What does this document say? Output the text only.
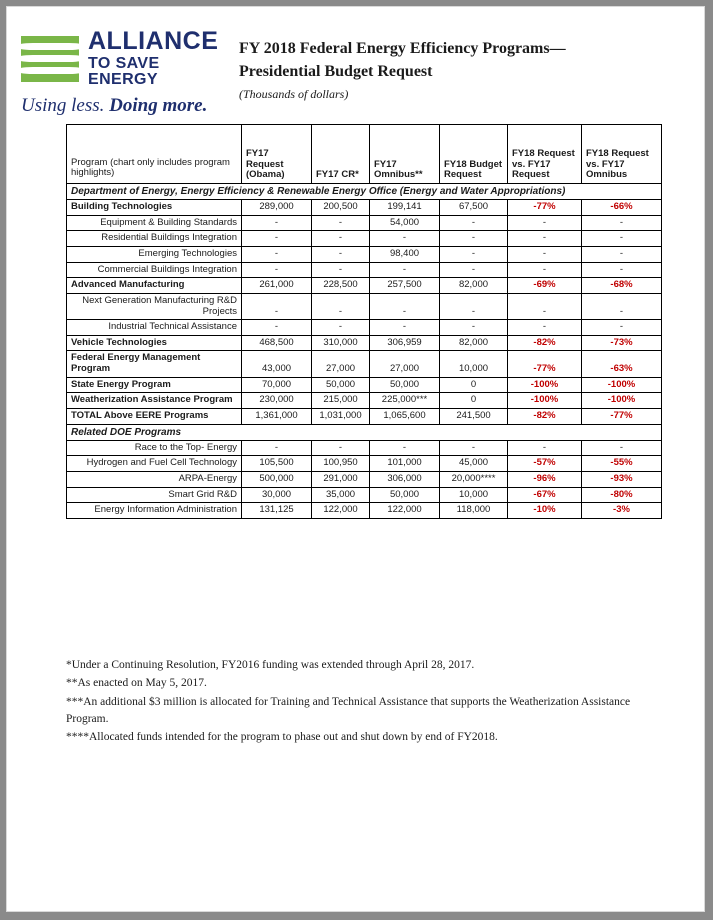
ALLIANCE
TO SAVE ENERGY
Using less. Doing more.
FY 2018 Federal Energy Efficiency Programs—
Presidential Budget Request
(Thousands of dollars)
Program (chart only includes program highlights)	FY17 Request (Obama)	FY17 CR*	FY17 Omnibus**	FY18 Budget Request	FY18 Request vs. FY17 Request	FY18 Request vs. FY17 Omnibus
Department of Energy, Energy Efficiency & Renewable Energy Office (Energy and Water Appropriations)						
Building Technologies	289,000	200,500	199,141	67,500	-77%	-66%
Equipment & Building Standards	-	-	54,000	-	-	-
Residential Buildings Integration	-	-	-	-	-	-
Emerging Technologies	-	-	98,400	-	-	-
Commercial Buildings Integration	-	-	-	-	-	-
Advanced Manufacturing	261,000	228,500	257,500	82,000	-69%	-68%
Next Generation Manufacturing R&D Projects	-	-	-	-	-	-
Industrial Technical Assistance	-	-	-	-	-	-
Vehicle Technologies	468,500	310,000	306,959	82,000	-82%	-73%
Federal Energy Management Program	43,000	27,000	27,000	10,000	-77%	-63%
State Energy Program	70,000	50,000	50,000	0	-100%	-100%
Weatherization Assistance Program	230,000	215,000	225,000***	0	-100%	-100%
TOTAL Above EERE Programs	1,361,000	1,031,000	1,065,600	241,500	-82%	-77%
Related DOE Programs						
Race to the Top- Energy	-	-	-	-	-	-
Hydrogen and Fuel Cell Technology	105,500	100,950	101,000	45,000	-57%	-55%
ARPA-Energy	500,000	291,000	306,000	20,000****	-96%	-93%
Smart Grid R&D	30,000	35,000	50,000	10,000	-67%	-80%
Energy Information Administration	131,125	122,000	122,000	118,000	-10%	-3%
*Under a Continuing Resolution, FY2016 funding was extended through April 28, 2017.
**As enacted on May 5, 2017.
***An additional $3 million is allocated for Training and Technical Assistance that supports the Weatherization Assistance Program.
****Allocated funds intended for the program to phase out and shut down by end of FY2018.
